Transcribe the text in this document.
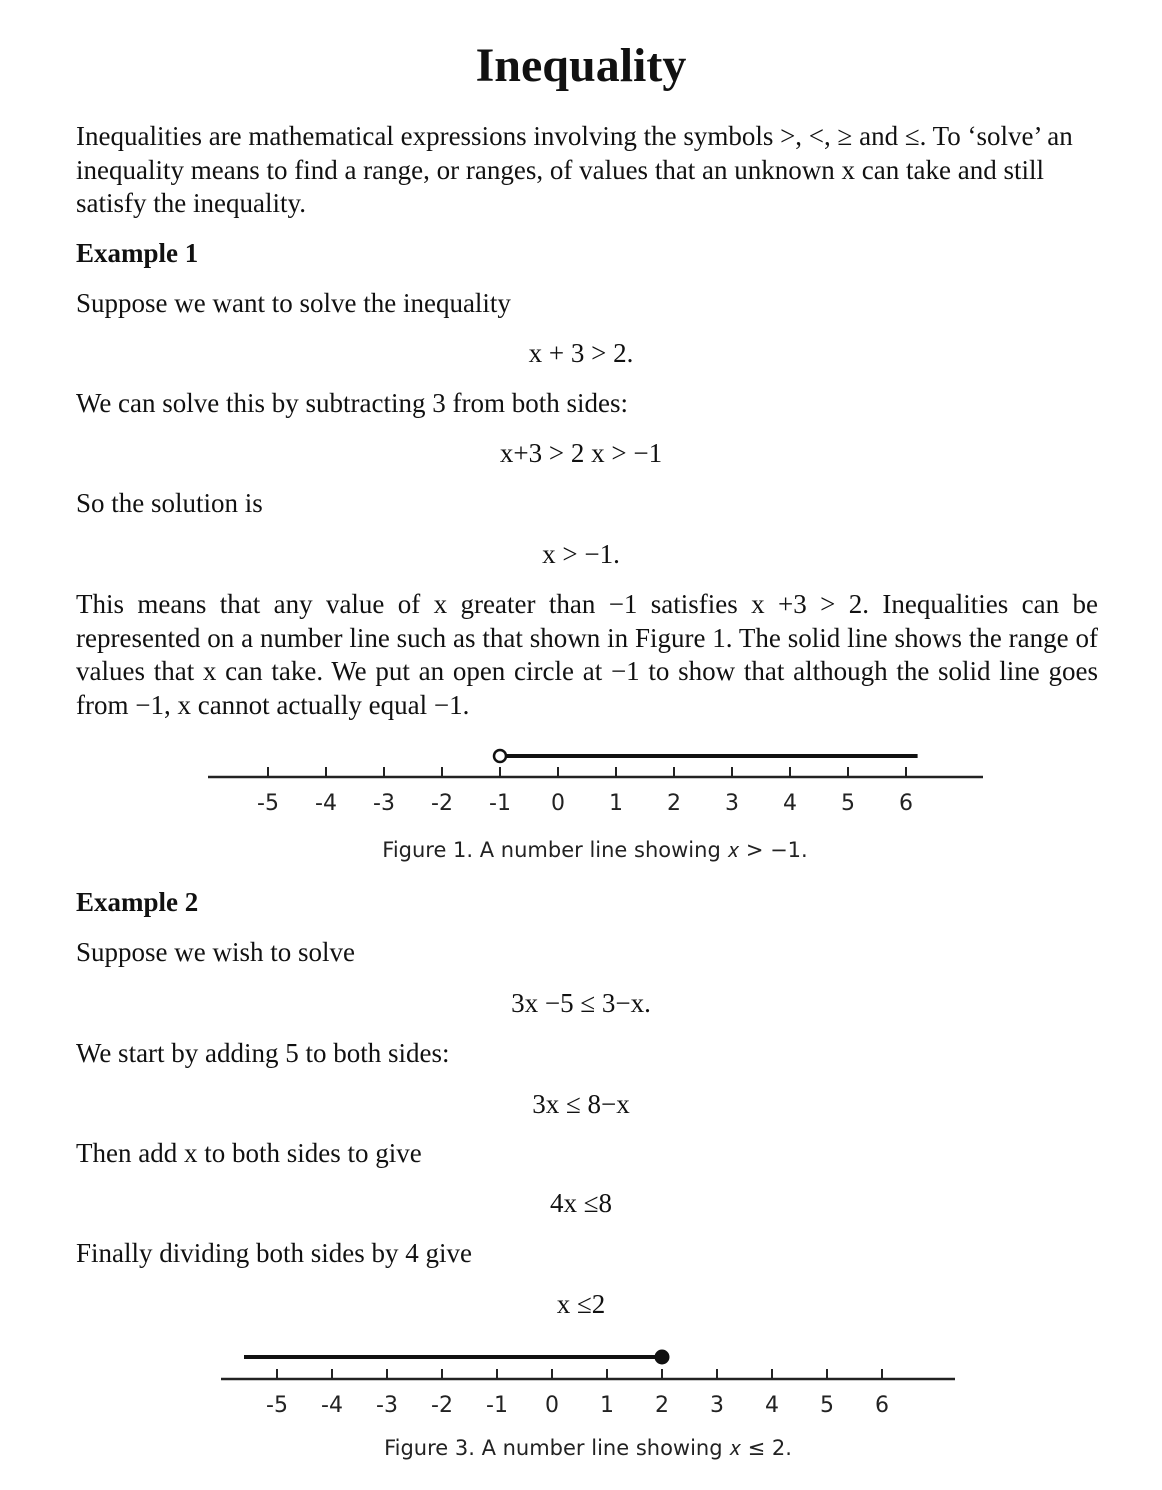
Inequality

Inequalities are mathematical expressions involving the symbols >, <, ≥ and ≤. To ‘solve’ an inequality means to find a range, or ranges, of values that an unknown x can take and still satisfy the inequality.

Example 1

Suppose we want to solve the inequality

x + 3 > 2.

We can solve this by subtracting 3 from both sides:

x+3 > 2 x > −1

So the solution is

x > −1.

This means that any value of x greater than −1 satisfies x +3 > 2. Inequalities can be represented on a number line such as that shown in Figure 1. The solid line shows the range of values that x can take. We put an open circle at −1 to show that although the solid line goes from −1, x cannot actually equal −1.

-5 -4 -3 -2 -1 0 1 2 3 4 5 6
Figure 1. A number line showing 𝑥 > −1.
Example 2

Suppose we wish to solve

3x −5 ≤ 3−x.

We start by adding 5 to both sides:

3x ≤ 8−x

Then add x to both sides to give

4x ≤8

Finally dividing both sides by 4 give

x ≤2

-5 -4 -3 -2 -1 0 1 2 3 4 5 6
Figure 3. A number line showing 𝑥 ≤ 2.
